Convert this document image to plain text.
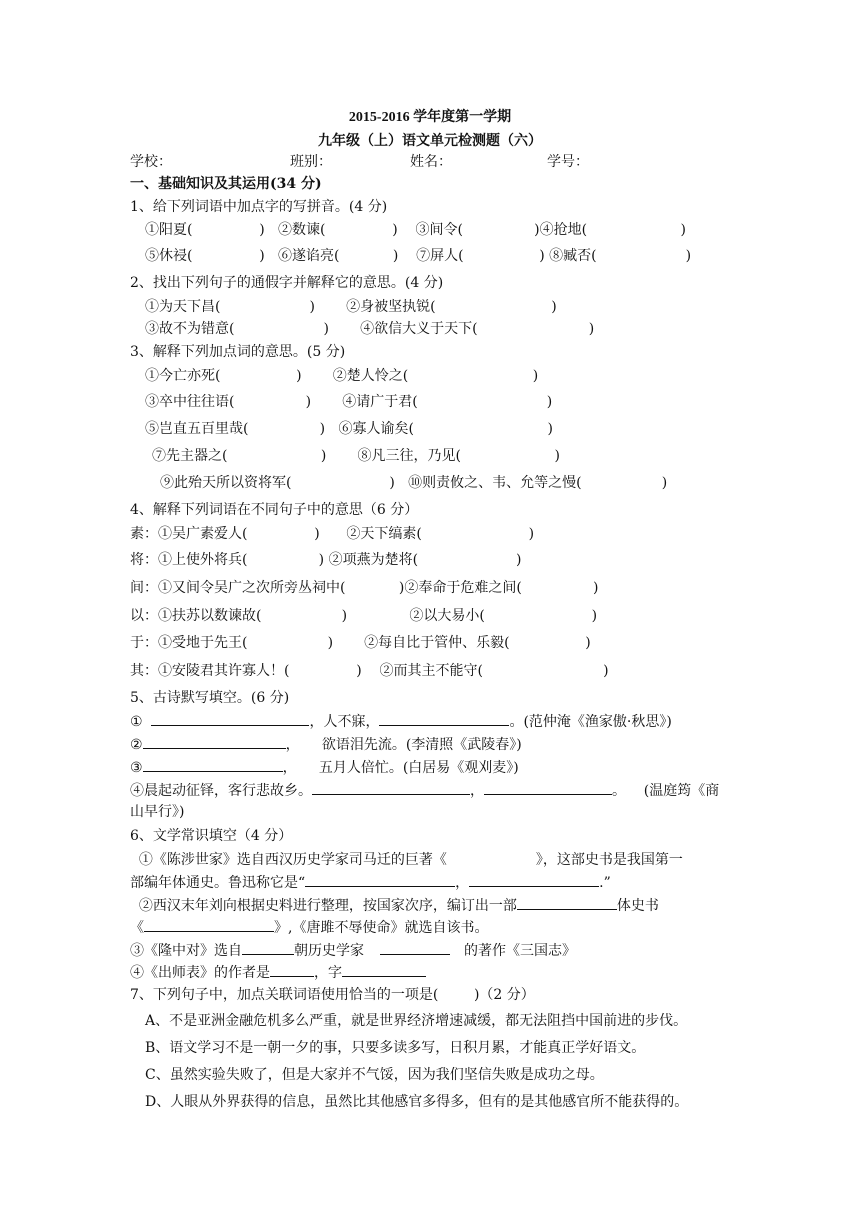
2015-2016 学年度第一学期
九年级（上）语文单元检测题（六）
学校：	班别：	姓名：	学号：
一、基础知识及其运用(34 分)
1、给下列词语中加点字的写拼音。(4 分)
①阳夏(               )   ②数谏(               )    ③间令(                )④抢地(                     )
⑤休祲(               )   ⑥遂谄亮(            )    ⑦屏人(                 ) ⑧臧否(                    )
2、找出下列句子的通假字并解释它的意思。(4 分)
①为天下昌(                    )       ②身被坚执锐(                          )
③故不为错意(                    )       ④欲信大义于天下(                         )
3、解释下列加点词的意思。(5 分)
①今亡亦死(                 )       ②楚人怜之(                            )
③卒中往往语(                )       ④请广于君(                             )
⑤岂直五百里哉(                )   ⑥寡人谕矣(                              )
⑦先主器之(                     )       ⑧凡三往，乃见(                     )
⑨此殆天所以资将军(                      )   ⑩则责攸之、韦、允等之慢(                  )
4、解释下列词语在不同句子中的意思（6 分）
素：①吴广素爱人(               )      ②天下缟素(                        )
将：①上使外将兵(                ) ②项燕为楚将(                      )
间：①又间令吴广之次所旁丛祠中(            )②奉命于危难之间(                )
以：①扶苏以数谏故(                  )              ②以大易小(                        )
于：①受地于先王(                  )       ②每自比于管仲、乐毅(                 )
其：①安陵君其许寡人！(               )    ②而其主不能守(                           )
5、古诗默写填空。(6 分)
①	，人不寐，	。(范仲淹《渔家傲·秋思》)
②	，     欲语泪先流。(李清照《武陵春》)
③	，     五月人倍忙。(白居易《观刈麦》)
④晨起动征铎，客行悲故乡。	，	。    (温庭筠《商
山早行》)
6、文学常识填空（4 分）
①《陈涉世家》选自西汉历史学家司马迁的巨著《                    》，这部史书是我国第一
部编年体通史。鲁迅称它是“	，	.”
②西汉末年刘向根据史料进行整理，按国家次序，编订出一部	体史书
《	》,《唐雎不辱使命》就选自该书。
③《隆中对》选自	朝历史学家	的著作《三国志》
④《出师表》的作者是	，字
7、下列句子中，加点关联词语使用恰当的一项是(        )（2 分）
A、不是亚洲金融危机多么严重，就是世界经济增速减缓，都无法阻挡中国前进的步伐。
B、语文学习不是一朝一夕的事，只要多读多写，日积月累，才能真正学好语文。
C、虽然实验失败了，但是大家并不气馁，因为我们坚信失败是成功之母。
D、人眼从外界获得的信息，虽然比其他感官多得多，但有的是其他感官所不能获得的。
